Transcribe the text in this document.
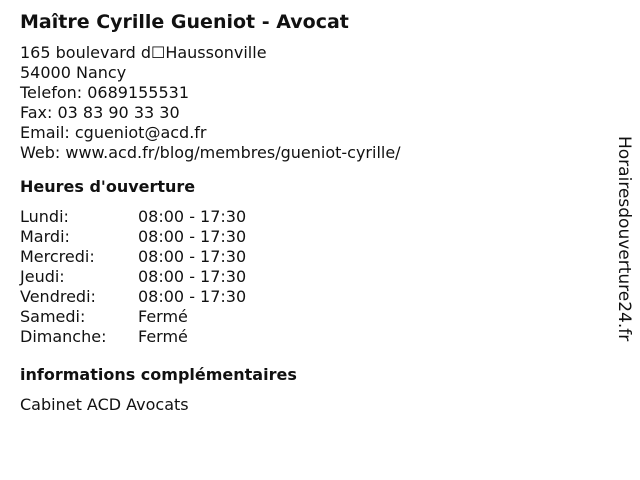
Maître Cyrille Gueniot - Avocat
165 boulevard d☐Haussonville
54000 Nancy
Telefon: 0689155531
Fax: 03 83 90 33 30
Email: cgueniot@acd.fr
Web: www.acd.fr/blog/membres/gueniot-cyrille/
Heures d'ouverture
Lundi:	08:00 - 17:30
Mardi:	08:00 - 17:30
Mercredi:	08:00 - 17:30
Jeudi:	08:00 - 17:30
Vendredi:	08:00 - 17:30
Samedi:	Fermé
Dimanche:	Fermé
informations complémentaires
Cabinet ACD Avocats
Horairesdouverture24.fr
